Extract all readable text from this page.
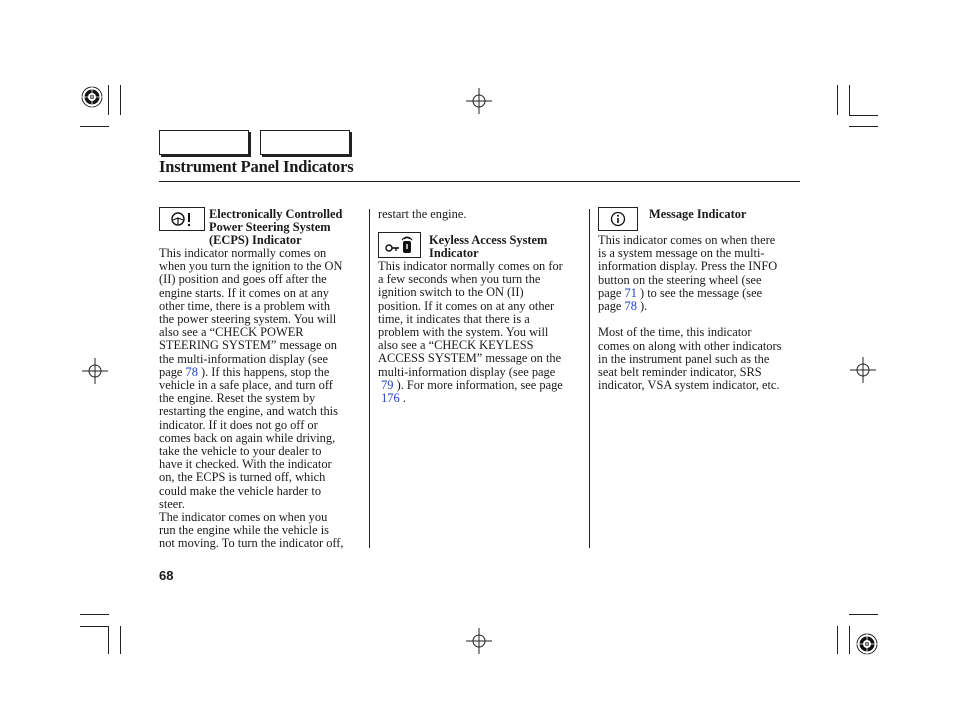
Instrument Panel Indicators

Electronically Controlled

Power Steering System

(ECPS) Indicator

This indicator normally comes on

when you turn the ignition to the ON

(II) position and goes off after the

engine starts. If it comes on at any

other time, there is a problem with

the power steering system. You will

also see a “CHECK POWER

STEERING SYSTEM” message on

the multi-information display (see

page 78 ). If this happens, stop the

vehicle in a safe place, and turn off

the engine. Reset the system by

restarting the engine, and watch this

indicator. If it does not go off or

comes back on again while driving,

take the vehicle to your dealer to

have it checked. With the indicator

on, the ECPS is turned off, which

could make the vehicle harder to

steer.

The indicator comes on when you

run the engine while the vehicle is

not moving. To turn the indicator off,

restart the engine.

Keyless Access System

Indicator

This indicator normally comes on for

a few seconds when you turn the

ignition switch to the ON (II)

position. If it comes on at any other

time, it indicates that there is a

problem with the system. You will

also see a “CHECK KEYLESS

ACCESS SYSTEM” message on the

multi-information display (see page

79 ). For more information, see page

176 .

Message Indicator

This indicator comes on when there

is a system message on the multi-

information display. Press the INFO

button on the steering wheel (see

page 71 ) to see the message (see

page 78 ).

Most of the time, this indicator

comes on along with other indicators

in the instrument panel such as the

seat belt reminder indicator, SRS

indicator, VSA system indicator, etc.

68
